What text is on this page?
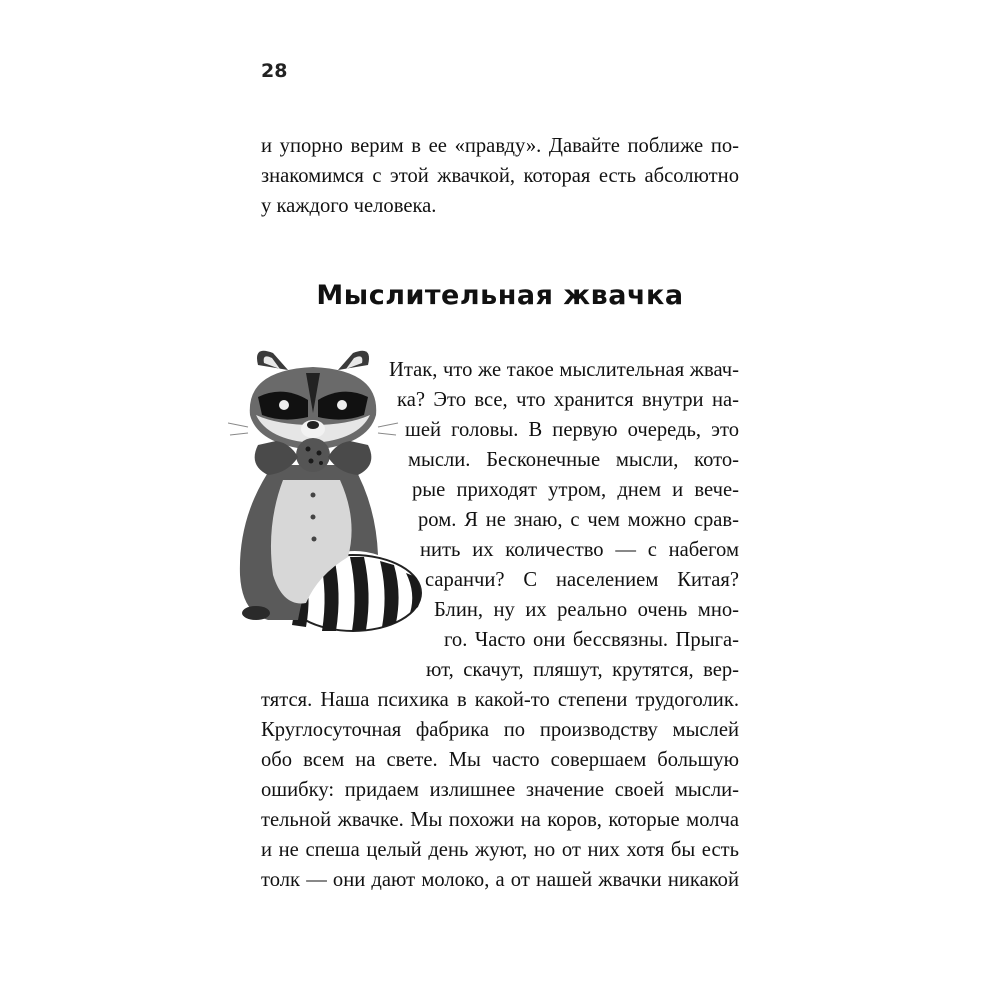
28
и упорно верим в ее «правду». Давайте поближе по-
знакомимся с этой жвачкой, которая есть абсолютно
у каждого человека.
Мыслительная жвачка
Итак, что же такое мыслительная жвач-
ка? Это все, что хранится внутри на-
шей головы. В первую очередь, это
мысли. Бесконечные мысли, кото-
рые приходят утром, днем и вече-
ром. Я не знаю, с чем можно срав-
нить их количество — с набегом
саранчи? С населением Китая?
Блин, ну их реально очень мно-
го. Часто они бессвязны. Прыга-
ют, скачут, пляшут, крутятся, вер-
тятся. Наша психика в какой-то степени трудоголик.
Круглосуточная фабрика по производству мыслей
обо всем на свете. Мы часто совершаем большую
ошибку: придаем излишнее значение своей мысли-
тельной жвачке. Мы похожи на коров, которые молча
и не спеша целый день жуют, но от них хотя бы есть
толк — они дают молоко, а от нашей жвачки никакой
